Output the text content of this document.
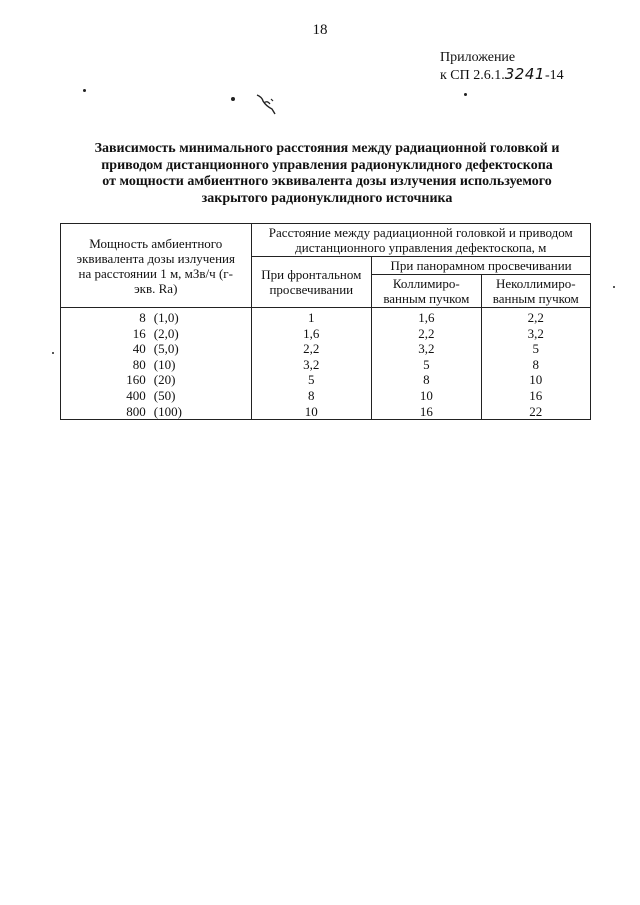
18
Приложение
к СП 2.6.1.3241-14
Зависимость минимального расстояния между радиационной головкой и
приводом дистанционного управления радионуклидного дефектоскопа
от мощности амбиентного эквивалента дозы излучения используемого
закрытого радионуклидного источника
Мощность амбиентного эквивалента дозы излучения на расстоянии 1 м, мЗв/ч (г-экв. Ra)	Расстояние между радиационной головкой и приводом дистанционного управления дефектоскопа, м		
	При фронтальном просвечивании	При панорамном просвечивании	
		Коллимиро-ванным пучком	Неколлимиро-ванным пучком
8 (1,0)	1	1,6	2,2
16 (2,0)	1,6	2,2	3,2
40 (5,0)	2,2	3,2	5
80 (10)	3,2	5	8
160 (20)	5	8	10
400 (50)	8	10	16
800 (100)	10	16	22
